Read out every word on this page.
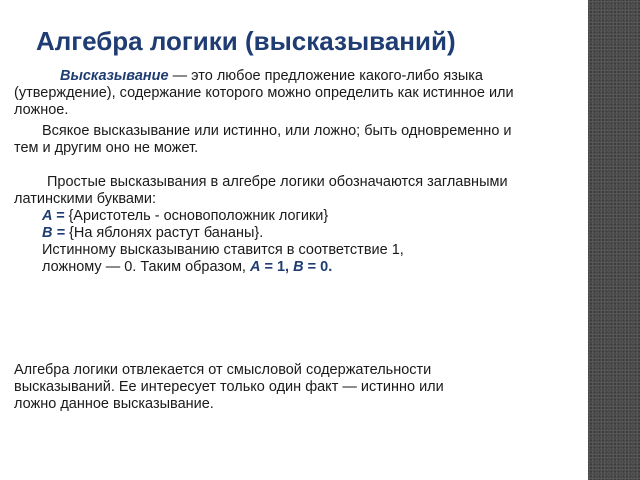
Алгебра логики (высказываний)
Высказывание — это любое предложение какого-либо языка
(утверждение), содержание которого можно определить как истинное или
ложное.
Всякое высказывание или истинно, или ложно; быть одновременно и
тем и другим оно не может.
Простые высказывания в алгебре логики обозначаются заглавными
латинскими буквами:
A = {Аристотель - основоположник логики}
B = {На яблонях растут бананы}.
Истинному высказыванию ставится в соответствие 1,
ложному — 0. Таким образом, А = 1, В = 0.
Алгебра логики отвлекается от смысловой содержательности
высказываний. Ее интересует только один факт — истинно или
ложно данное высказывание.
